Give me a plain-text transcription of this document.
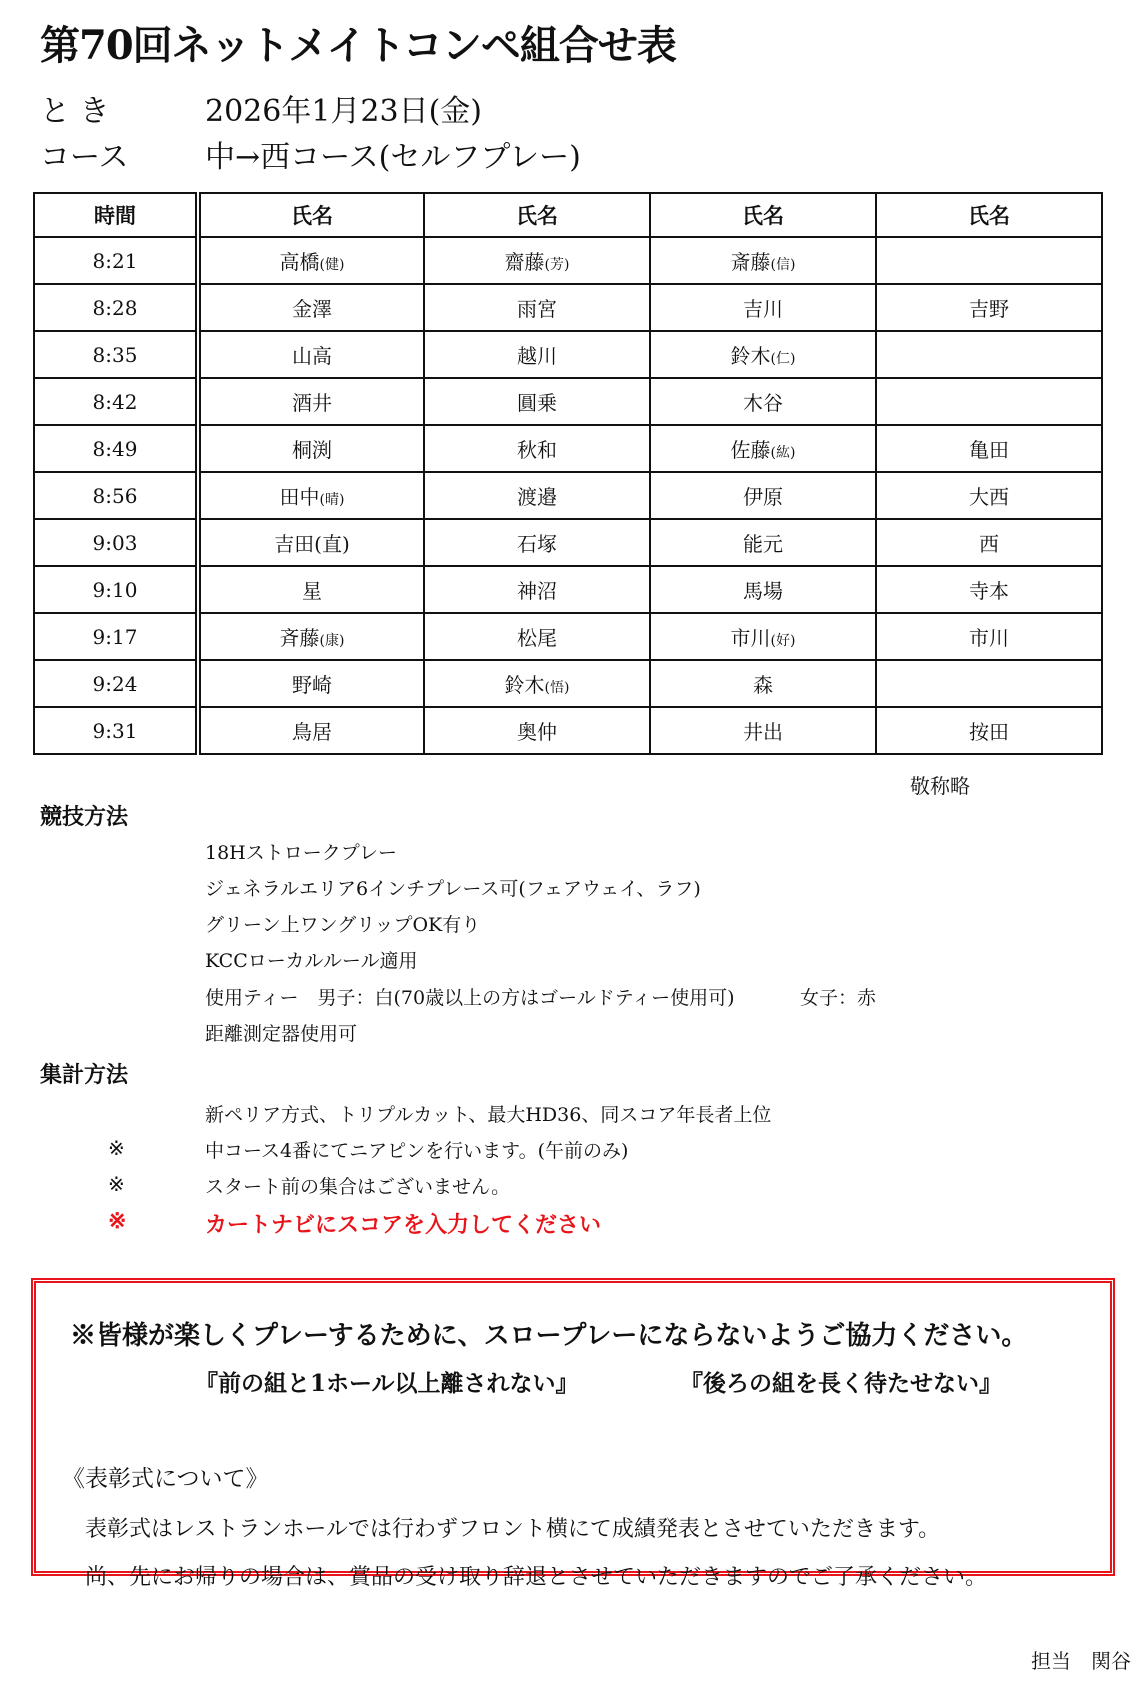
第70回ネットメイトコンペ組合せ表
と き	2026年1月23日(金)
コース	中→西コース(セルフプレー)
時間	氏名	氏名	氏名	氏名
8:21	高橋(健)	齋藤(芳)	斎藤(信)	
8:28	金澤	雨宮	吉川	吉野
8:35	山高	越川	鈴木(仁)	
8:42	酒井	圓乗	木谷	
8:49	桐渕	秋和	佐藤(紘)	亀田
8:56	田中(晴)	渡邉	伊原	大西
9:03	吉田(直)	石塚	能元	西
9:10	星	神沼	馬場	寺本
9:17	斉藤(康)	松尾	市川(好)	市川
9:24	野崎	鈴木(悟)	森	
9:31	鳥居	奥仲	井出	按田
敬称略
競技方法
18Hストロークプレー
ジェネラルエリア6インチプレース可(フェアウェイ、ラフ)
グリーン上ワングリップOK有り
KCCローカルルール適用
使用ティー　男子：白(70歳以上の方はゴールドティー使用可)	女子：赤
距離測定器使用可
集計方法
新ペリア方式、トリプルカット、最大HD36、同スコア年長者上位
※	中コース4番にてニアピンを行います。(午前のみ)
※	スタート前の集合はございません。
※	カートナビにスコアを入力してください
※皆様が楽しくプレーするために、スロープレーにならないようご協力ください。
『前の組と1ホール以上離されない』	『後ろの組を長く待たせない』
《表彰式について》
表彰式はレストランホールでは行わずフロント横にて成績発表とさせていただきます。
尚、先にお帰りの場合は、賞品の受け取り辞退とさせていただきますのでご了承ください。
担当　関谷
